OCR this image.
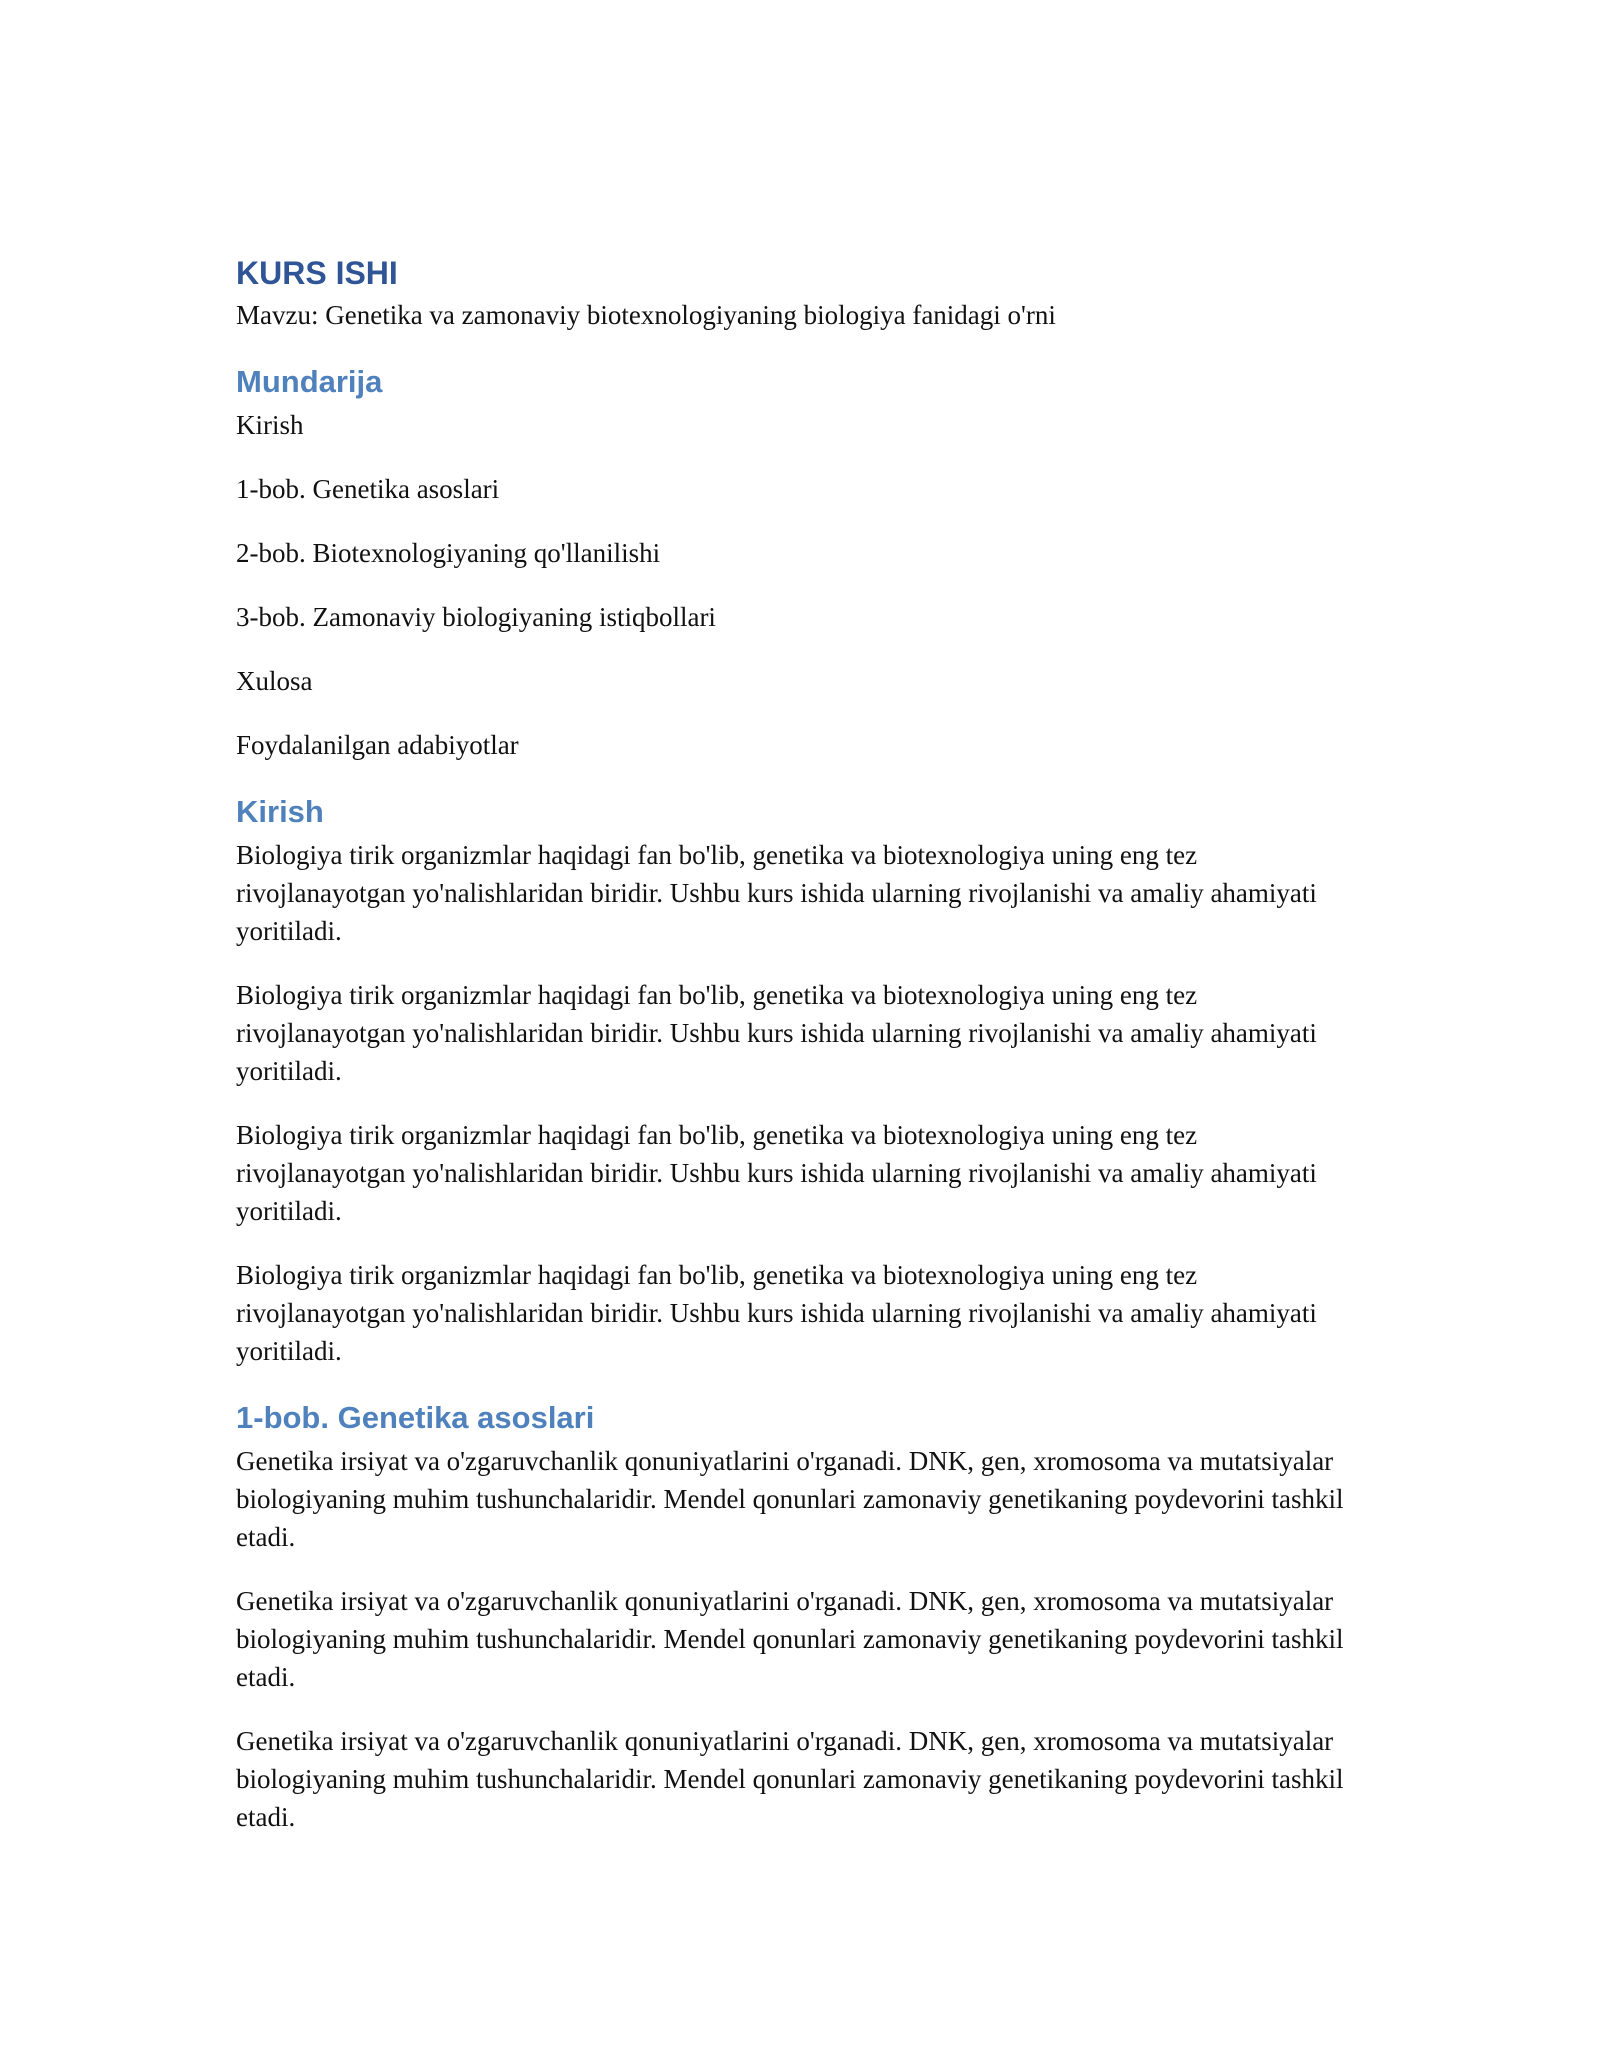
KURS ISHI

Mavzu: Genetika va zamonaviy biotexnologiyaning biologiya fanidagi o'rni

Mundarija

Kirish

1-bob. Genetika asoslari

2-bob. Biotexnologiyaning qo'llanilishi

3-bob. Zamonaviy biologiyaning istiqbollari

Xulosa

Foydalanilgan adabiyotlar

Kirish

Biologiya tirik organizmlar haqidagi fan bo'lib, genetika va biotexnologiya uning eng tez rivojlanayotgan yo'nalishlaridan biridir. Ushbu kurs ishida ularning rivojlanishi va amaliy ahamiyati yoritiladi.

Biologiya tirik organizmlar haqidagi fan bo'lib, genetika va biotexnologiya uning eng tez rivojlanayotgan yo'nalishlaridan biridir. Ushbu kurs ishida ularning rivojlanishi va amaliy ahamiyati yoritiladi.

Biologiya tirik organizmlar haqidagi fan bo'lib, genetika va biotexnologiya uning eng tez rivojlanayotgan yo'nalishlaridan biridir. Ushbu kurs ishida ularning rivojlanishi va amaliy ahamiyati yoritiladi.

Biologiya tirik organizmlar haqidagi fan bo'lib, genetika va biotexnologiya uning eng tez rivojlanayotgan yo'nalishlaridan biridir. Ushbu kurs ishida ularning rivojlanishi va amaliy ahamiyati yoritiladi.

1-bob. Genetika asoslari

Genetika irsiyat va o'zgaruvchanlik qonuniyatlarini o'rganadi. DNK, gen, xromosoma va mutatsiyalar biologiyaning muhim tushunchalaridir. Mendel qonunlari zamonaviy genetikaning poydevorini tashkil etadi.

Genetika irsiyat va o'zgaruvchanlik qonuniyatlarini o'rganadi. DNK, gen, xromosoma va mutatsiyalar biologiyaning muhim tushunchalaridir. Mendel qonunlari zamonaviy genetikaning poydevorini tashkil etadi.

Genetika irsiyat va o'zgaruvchanlik qonuniyatlarini o'rganadi. DNK, gen, xromosoma va mutatsiyalar biologiyaning muhim tushunchalaridir. Mendel qonunlari zamonaviy genetikaning poydevorini tashkil etadi.
